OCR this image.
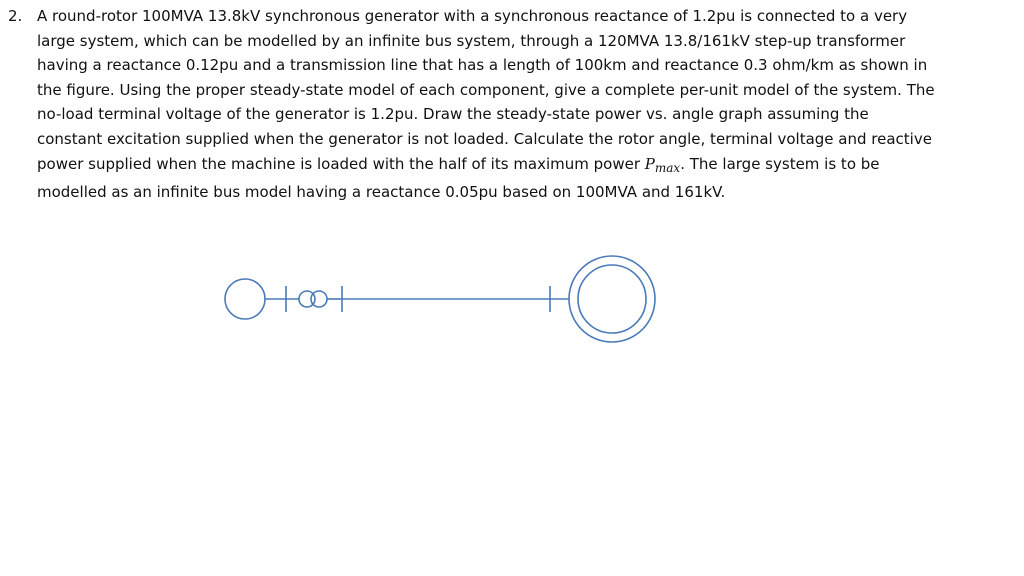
2. A round-rotor 100MVA 13.8kV synchronous generator with a synchronous reactance of 1.2pu is connected to a very large system, which can be modelled by an infinite bus system, through a 120MVA 13.8/161kV step-up transformer having a reactance 0.12pu and a transmission line that has a length of 100km and reactance 0.3 ohm/km as shown in the figure. Using the proper steady-state model of each component, give a complete per-unit model of the system. The no-load terminal voltage of the generator is 1.2pu. Draw the steady-state power vs. angle graph assuming the constant excitation supplied when the generator is not loaded. Calculate the rotor angle, terminal voltage and reactive power supplied when the machine is loaded with the half of its maximum power $P_{max}$. The large system is to be modelled as an infinite bus model having a reactance 0.05pu based on 100MVA and 161kV.
